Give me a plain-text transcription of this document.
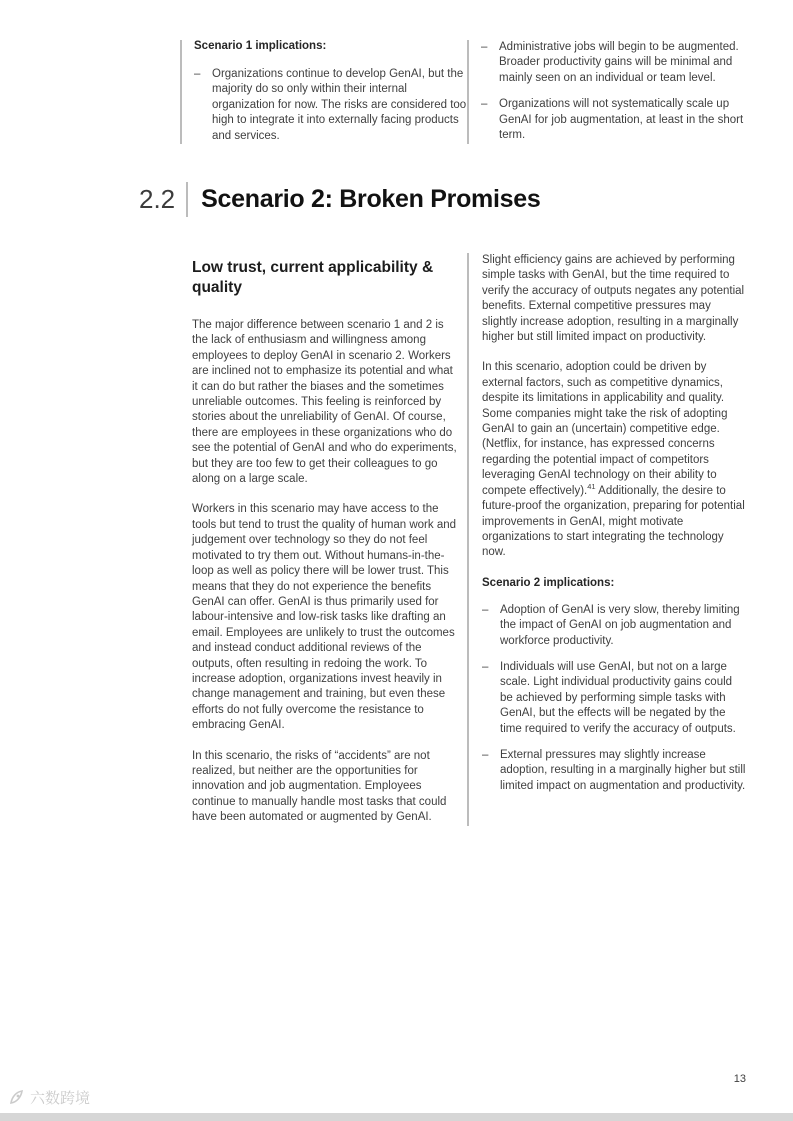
Scenario 1 implications:
–	Organizations continue to develop GenAI, but the majority do so only within their internal organization for now. The risks are considered too high to integrate it into externally facing products and services.
–	Administrative jobs will begin to be augmented. Broader productivity gains will be minimal and mainly seen on an individual or team level.
–	Organizations will not systematically scale up GenAI for job augmentation, at least in the short term.
2.2 Scenario 2: Broken Promises
Low trust, current applicability & quality

The major difference between scenario 1 and 2 is the lack of enthusiasm and willingness among employees to deploy GenAI in scenario 2. Workers are inclined not to emphasize its potential and what it can do but rather the biases and the sometimes unreliable outcomes. This feeling is reinforced by stories about the unreliability of GenAI. Of course, there are employees in these organizations who do see the potential of GenAI and who do experiments, but they are too few to get their colleagues to go along on a large scale.

Workers in this scenario may have access to the tools but tend to trust the quality of human work and judgement over technology so they do not feel motivated to try them out. Without humans-in-the-loop as well as policy there will be lower trust. This means that they do not experience the benefits GenAI can offer. GenAI is thus primarily used for labour-intensive and low-risk tasks like drafting an email. Employees are unlikely to trust the outcomes and instead conduct additional reviews of the outputs, often resulting in redoing the work. To increase adoption, organizations invest heavily in change management and training, but even these efforts do not fully overcome the resistance to embracing GenAI.

In this scenario, the risks of “accidents” are not realized, but neither are the opportunities for innovation and job augmentation. Employees continue to manually handle most tasks that could have been automated or augmented by GenAI.

Slight efficiency gains are achieved by performing simple tasks with GenAI, but the time required to verify the accuracy of outputs negates any potential benefits. External competitive pressures may slightly increase adoption, resulting in a marginally higher but still limited impact on productivity.

In this scenario, adoption could be driven by external factors, such as competitive dynamics, despite its limitations in applicability and quality. Some companies might take the risk of adopting GenAI to gain an (uncertain) competitive edge. (Netflix, for instance, has expressed concerns regarding the potential impact of competitors leveraging GenAI technology on their ability to compete effectively).$^{41}$ Additionally, the desire to future-proof the organization, preparing for potential improvements in GenAI, might motivate organizations to start integrating the technology now.

Scenario 2 implications:
–	Adoption of GenAI is very slow, thereby limiting the impact of GenAI on job augmentation and workforce productivity.
–	Individuals will use GenAI, but not on a large scale. Light individual productivity gains could be achieved by performing simple tasks with GenAI, but the effects will be negated by the time required to verify the accuracy of outputs.
–	External pressures may slightly increase adoption, resulting in a marginally higher but still limited impact on augmentation and productivity.
13
六数跨境
